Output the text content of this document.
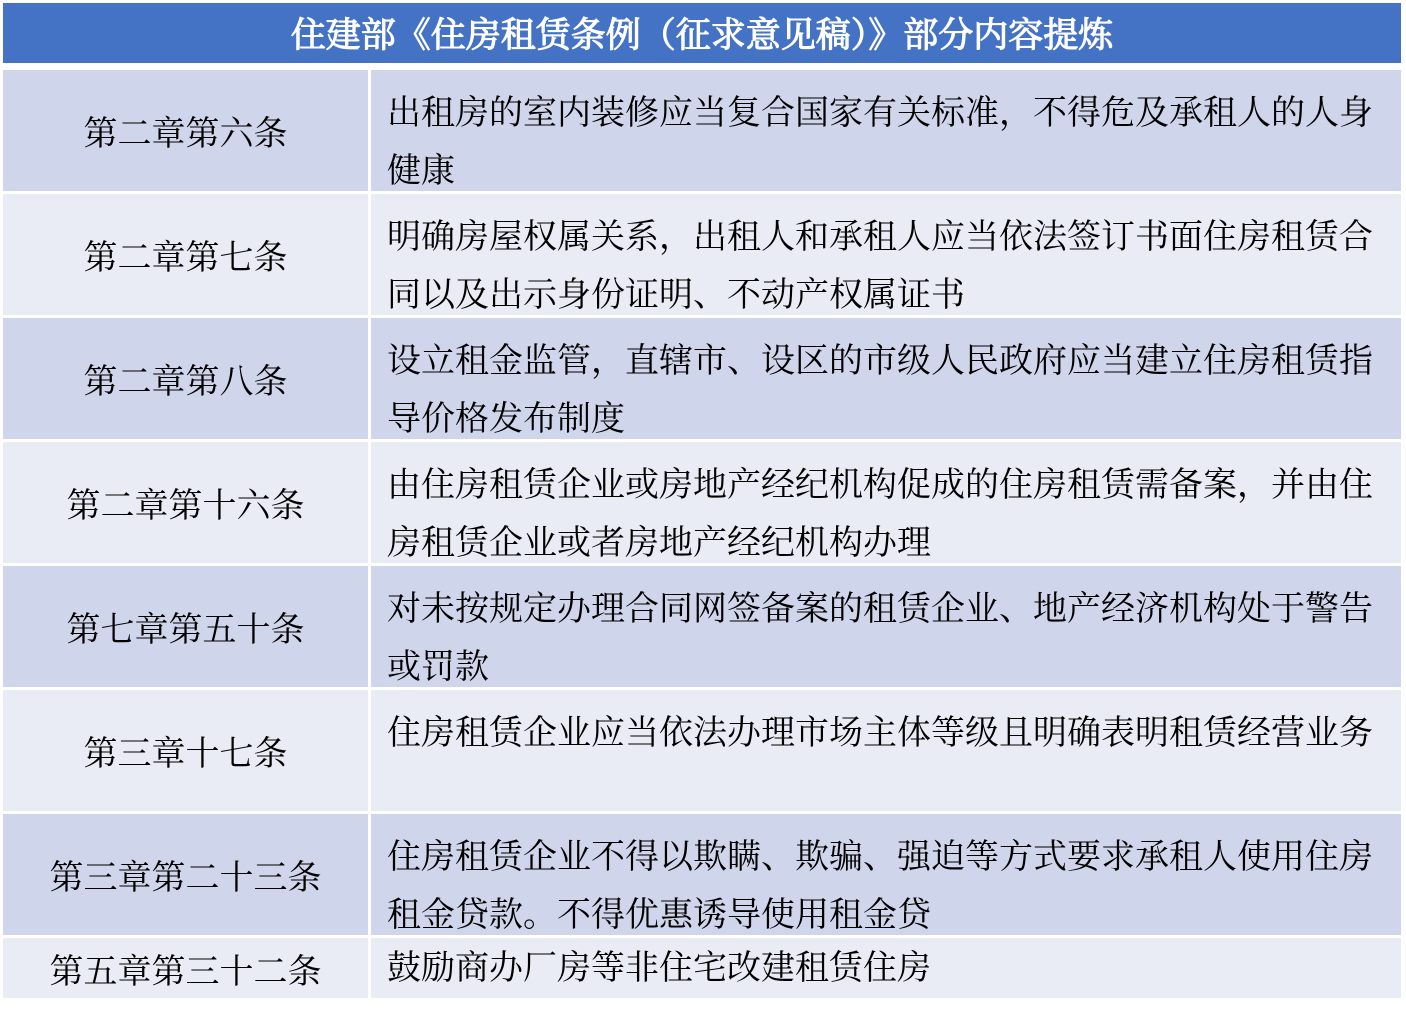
住建部《住房租赁条例（征求意见稿）》部分内容提炼
第二章第六条
出租房的室内装修应当复合国家有关标准，不得危及承租人的人身健康
第二章第七条
明确房屋权属关系，出租人和承租人应当依法签订书面住房租赁合同以及出示身份证明、不动产权属证书
第二章第八条
设立租金监管，直辖市、设区的市级人民政府应当建立住房租赁指导价格发布制度
第二章第十六条
由住房租赁企业或房地产经纪机构促成的住房租赁需备案，并由住房租赁企业或者房地产经纪机构办理
第七章第五十条
对未按规定办理合同网签备案的租赁企业、地产经济机构处于警告或罚款
第三章十七条
住房租赁企业应当依法办理市场主体等级且明确表明租赁经营业务
第三章第二十三条
住房租赁企业不得以欺瞒、欺骗、强迫等方式要求承租人使用住房租金贷款。不得优惠诱导使用租金贷
第五章第三十二条	鼓励商办厂房等非住宅改建租赁住房
